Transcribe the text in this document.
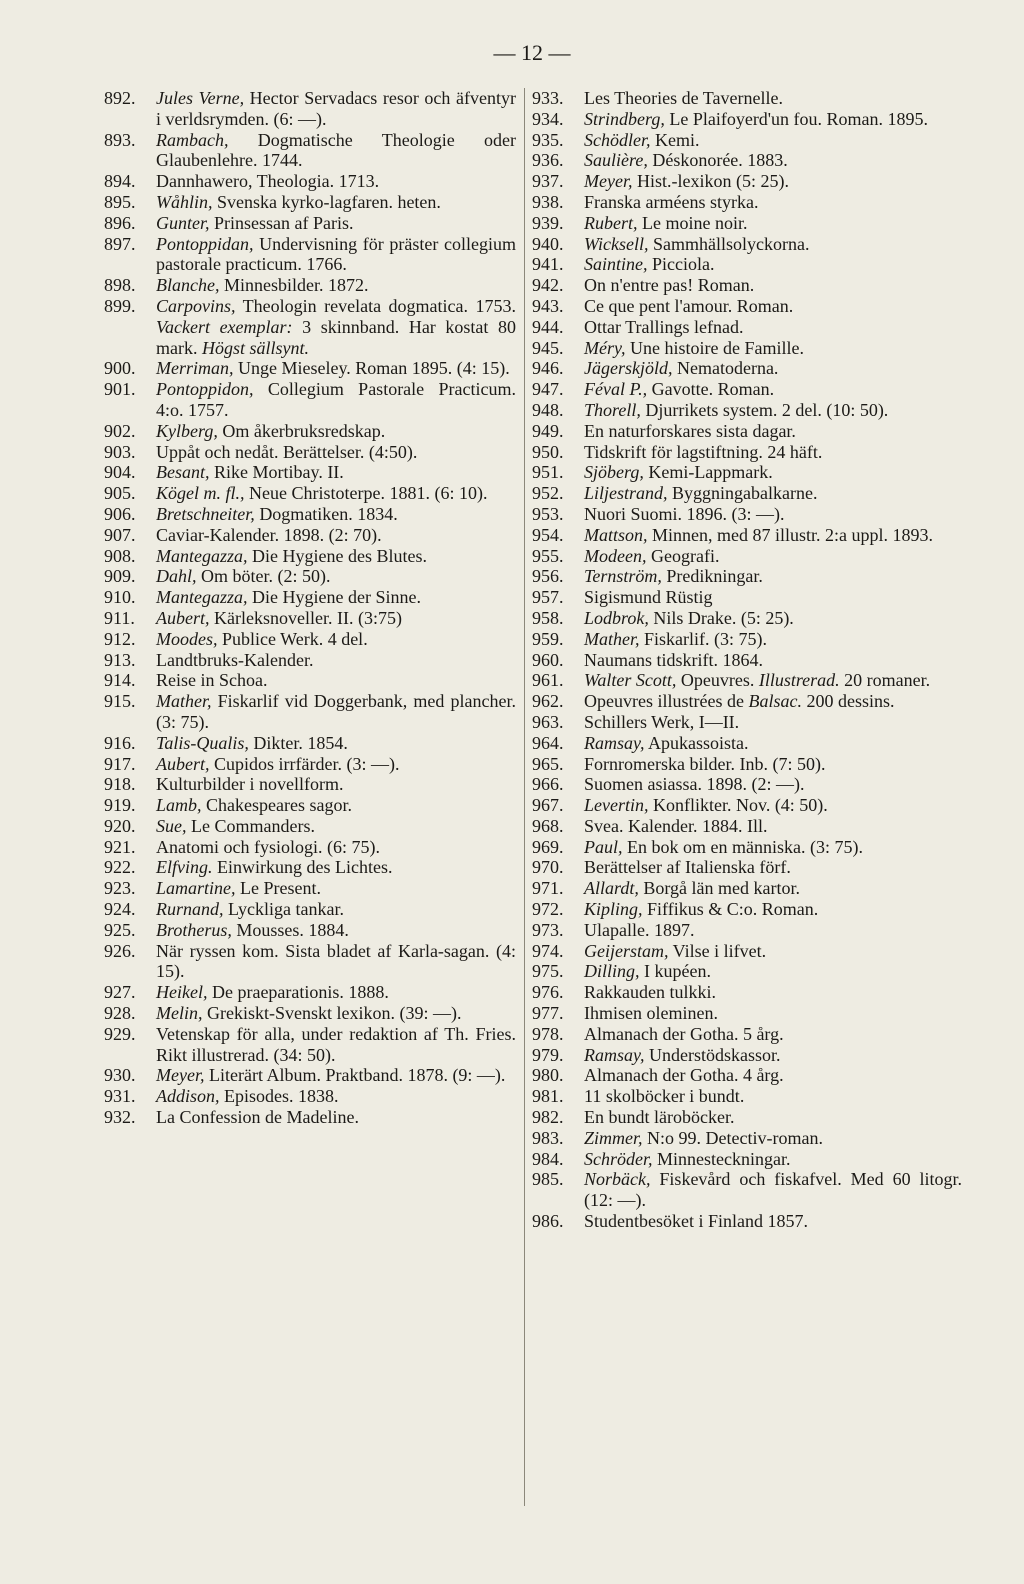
— 12 —
892. Jules Verne, Hector Servadacs resor och äfventyr i verldsrymden. (6: —).
893. Rambach, Dogmatische Theologie oder Glaubenlehre. 1744.
894. Dannhawero, Theologia. 1713.
895. Wåhlin, Svenska kyrko-lagfaren. heten.
896. Gunter, Prinsessan af Paris.
897. Pontoppidan, Undervisning för präster collegium pastorale practicum. 1766.
898. Blanche, Minnesbilder. 1872.
899. Carpovins, Theologin revelata dogmatica. 1753. Vackert exemplar: 3 skinnband. Har kostat 80 mark. Högst sällsynt.
900. Merriman, Unge Mieseley. Roman 1895. (4: 15).
901. Pontoppidon, Collegium Pastorale Practicum. 4:o. 1757.
902. Kylberg, Om åkerbruksredskap.
903. Uppåt och nedåt. Berättelser. (4:50).
904. Besant, Rike Mortibay. II.
905. Kögel m. fl., Neue Christoterpe. 1881. (6: 10).
906. Bretschneiter, Dogmatiken. 1834.
907. Caviar-Kalender. 1898. (2: 70).
908. Mantegazza, Die Hygiene des Blutes.
909. Dahl, Om böter. (2: 50).
910. Mantegazza, Die Hygiene der Sinne.
911. Aubert, Kärleksnoveller. II. (3:75)
912. Moodes, Publice Werk. 4 del.
913. Landtbruks-Kalender.
914. Reise in Schoa.
915. Mather, Fiskarlif vid Doggerbank, med plancher. (3: 75).
916. Talis-Qualis, Dikter. 1854.
917. Aubert, Cupidos irrfärder. (3: —).
918. Kulturbilder i novellform.
919. Lamb, Chakespeares sagor.
920. Sue, Le Commanders.
921. Anatomi och fysiologi. (6: 75).
922. Elfving. Einwirkung des Lichtes.
923. Lamartine, Le Present.
924. Rurnand, Lyckliga tankar.
925. Brotherus, Mousses. 1884.
926. När ryssen kom. Sista bladet af Karla-sagan. (4: 15).
927. Heikel, De praeparationis. 1888.
928. Melin, Grekiskt-Svenskt lexikon. (39: —).
929. Vetenskap för alla, under redaktion af Th. Fries. Rikt illustrerad. (34: 50).
930. Meyer, Literärt Album. Praktband. 1878. (9: —).
931. Addison, Episodes. 1838.
932. La Confession de Madeline.
933. Les Theories de Tavernelle.
934. Strindberg, Le Plaifoyerd'un fou. Roman. 1895.
935. Schödler, Kemi.
936. Saulière, Déskonorée. 1883.
937. Meyer, Hist.-lexikon (5: 25).
938. Franska arméens styrka.
939. Rubert, Le moine noir.
940. Wicksell, Sammhällsolyckorna.
941. Saintine, Picciola.
942. On n'entre pas! Roman.
943. Ce que pent l'amour. Roman.
944. Ottar Trallings lefnad.
945. Méry, Une histoire de Famille.
946. Jägerskjöld, Nematoderna.
947. Féval P., Gavotte. Roman.
948. Thorell, Djurrikets system. 2 del. (10: 50).
949. En naturforskares sista dagar.
950. Tidskrift för lagstiftning. 24 häft.
951. Sjöberg, Kemi-Lappmark.
952. Liljestrand, Byggningabalkarne.
953. Nuori Suomi. 1896. (3: —).
954. Mattson, Minnen, med 87 illustr. 2:a uppl. 1893.
955. Modeen, Geografi.
956. Ternström, Predikningar.
957. Sigismund Rüstig
958. Lodbrok, Nils Drake. (5: 25).
959. Mather, Fiskarlif. (3: 75).
960. Naumans tidskrift. 1864.
961. Walter Scott, Opeuvres. Illustrerad. 20 romaner.
962. Opeuvres illustrées de Balsac. 200 dessins.
963. Schillers Werk, I—II.
964. Ramsay, Apukassoista.
965. Fornromerska bilder. Inb. (7: 50).
966. Suomen asiassa. 1898. (2: —).
967. Levertin, Konflikter. Nov. (4: 50).
968. Svea. Kalender. 1884. Ill.
969. Paul, En bok om en människa. (3: 75).
970. Berättelser af Italienska förf.
971. Allardt, Borgå län med kartor.
972. Kipling, Fiffikus & C:o. Roman.
973. Ulapalle. 1897.
974. Geijerstam, Vilse i lifvet.
975. Dilling, I kupéen.
976. Rakkauden tulkki.
977. Ihmisen oleminen.
978. Almanach der Gotha. 5 årg.
979. Ramsay, Understödskassor.
980. Almanach der Gotha. 4 årg.
981. 11 skolböcker i bundt.
982. En bundt läroböcker.
983. Zimmer, N:o 99. Detectiv-roman.
984. Schröder, Minnesteckningar.
985. Norbäck, Fiskevård och fiskafvel. Med 60 litogr. (12: —).
986. Studentbesöket i Finland 1857.
